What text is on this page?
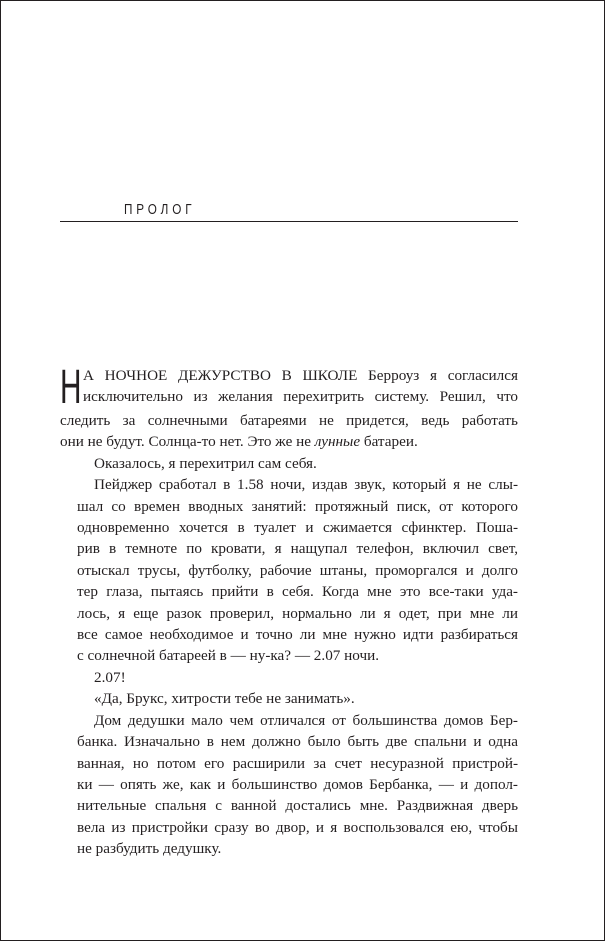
ПРОЛОГ
Н А НОЧНОЕ ДЕЖУРСТВО В ШКОЛЕ Берроуз я согласился
исключительно из желания перехитрить систему. Решил, что
следить за солнечными батареями не придется, ведь работать
они не будут. Солнца-то нет. Это же не лунные батареи.
Оказалось, я перехитрил сам себя.
Пейджер сработал в 1.58 ночи, издав звук, который я не слы-
шал со времен вводных занятий: протяжный писк, от которого
одновременно хочется в туалет и сжимается сфинктер. Поша-
рив в темноте по кровати, я нащупал телефон, включил свет,
отыскал трусы, футболку, рабочие штаны, проморгался и долго
тер глаза, пытаясь прийти в себя. Когда мне это все-таки уда-
лось, я еще разок проверил, нормально ли я одет, при мне ли
все самое необходимое и точно ли мне нужно идти разбираться
с солнечной батареей в — ну-ка? — 2.07 ночи.
2.07!
«Да, Брукс, хитрости тебе не занимать».
Дом дедушки мало чем отличался от большинства домов Бер-
банка. Изначально в нем должно было быть две спальни и одна
ванная, но потом его расширили за счет несуразной пристрой-
ки — опять же, как и большинство домов Бербанка, — и допол-
нительные спальня с ванной достались мне. Раздвижная дверь
вела из пристройки сразу во двор, и я воспользовался ею, чтобы
не разбудить дедушку.
